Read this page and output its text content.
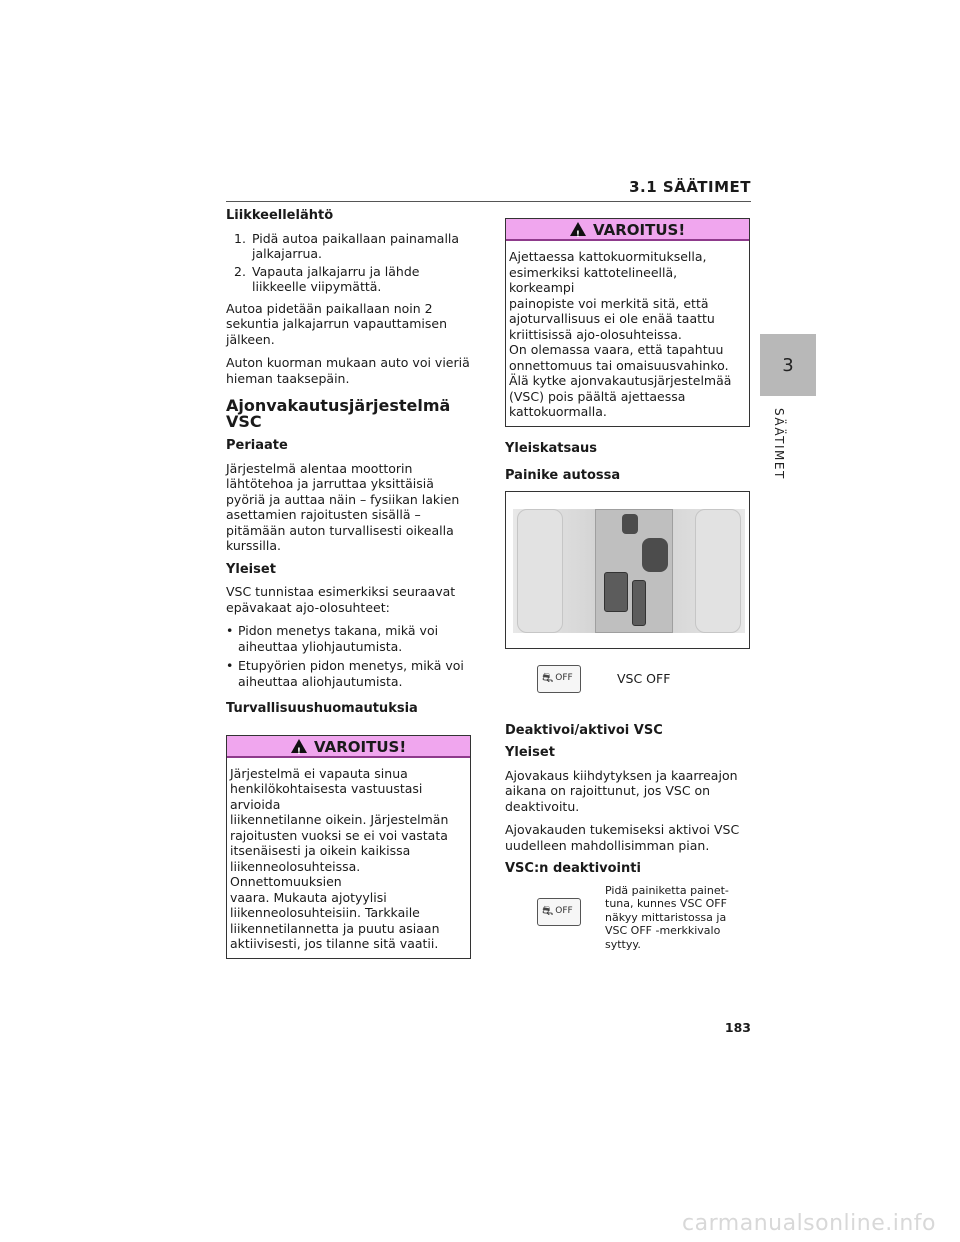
3.1 SÄÄTIMET
3
SÄÄTIMET
Liikkeellelähtö
1. Pidä autoa paikallaan painamalla jalkajarrua.
2. Vapauta jalkajarru ja lähde liikkeelle viipymättä.

Autoa pidetään paikallaan noin 2 sekuntia jalkajarrun vapauttamisen jälkeen.

Auton kuorman mukaan auto voi vieriä hieman taaksepäin.

Ajonvakautusjärjestelmä VSC
Periaate

Järjestelmä alentaa moottorin lähtötehoa ja jarruttaa yksittäisiä pyöriä ja auttaa näin – fysiikan lakien asettamien rajoitusten sisällä – pitämään auton turvallisesti oikealla kurssilla.

Yleiset

VSC tunnistaa esimerkiksi seuraavat epävakaat ajo-olosuhteet:

• Pidon menetys takana, mikä voi aiheuttaa yliohjautumista.
• Etupyörien pidon menetys, mikä voi aiheuttaa aliohjautumista.
Turvallisuushuomautuksia
! VAROITUS!
Järjestelmä ei vapauta sinua
henkilökohtaisesta vastuustasi arvioida
liikennetilanne oikein. Järjestelmän
rajoitusten vuoksi se ei voi vastata
itsenäisesti ja oikein kaikissa
liikenneolosuhteissa. Onnettomuuksien
vaara. Mukauta ajotyylisi
liikenneolosuhteisiin. Tarkkaile
liikennetilannetta ja puutu asiaan
aktiivisesti, jos tilanne sitä vaatii.
! VAROITUS!
Ajettaessa kattokuormituksella,
esimerkiksi kattotelineellä, korkeampi
painopiste voi merkitä sitä, että
ajoturvallisuus ei ole enää taattu
kriittisissä ajo-olosuhteissa.
On olemassa vaara, että tapahtuu
onnettomuus tai omaisuusvahinko.
Älä kytke ajonvakautusjärjestelmää
(VSC) pois päältä ajettaessa
kattokuormalla.
Yleiskatsaus
Painike autossa
⛐ OFF	VSC OFF
Deaktivoi/aktivoi VSC
Yleiset

Ajovakaus kiihdytyksen ja kaarreajon aikana on rajoittunut, jos VSC on deaktivoitu.

Ajovakauden tukemiseksi aktivoi VSC uudelleen mahdollisimman pian.

VSC:n deaktivointi
⛐ OFF
Pidä painiketta painet-
tuna, kunnes VSC OFF
näkyy mittaristossa ja
VSC OFF -merkkivalo
syttyy.
183
carmanualsonline.info
